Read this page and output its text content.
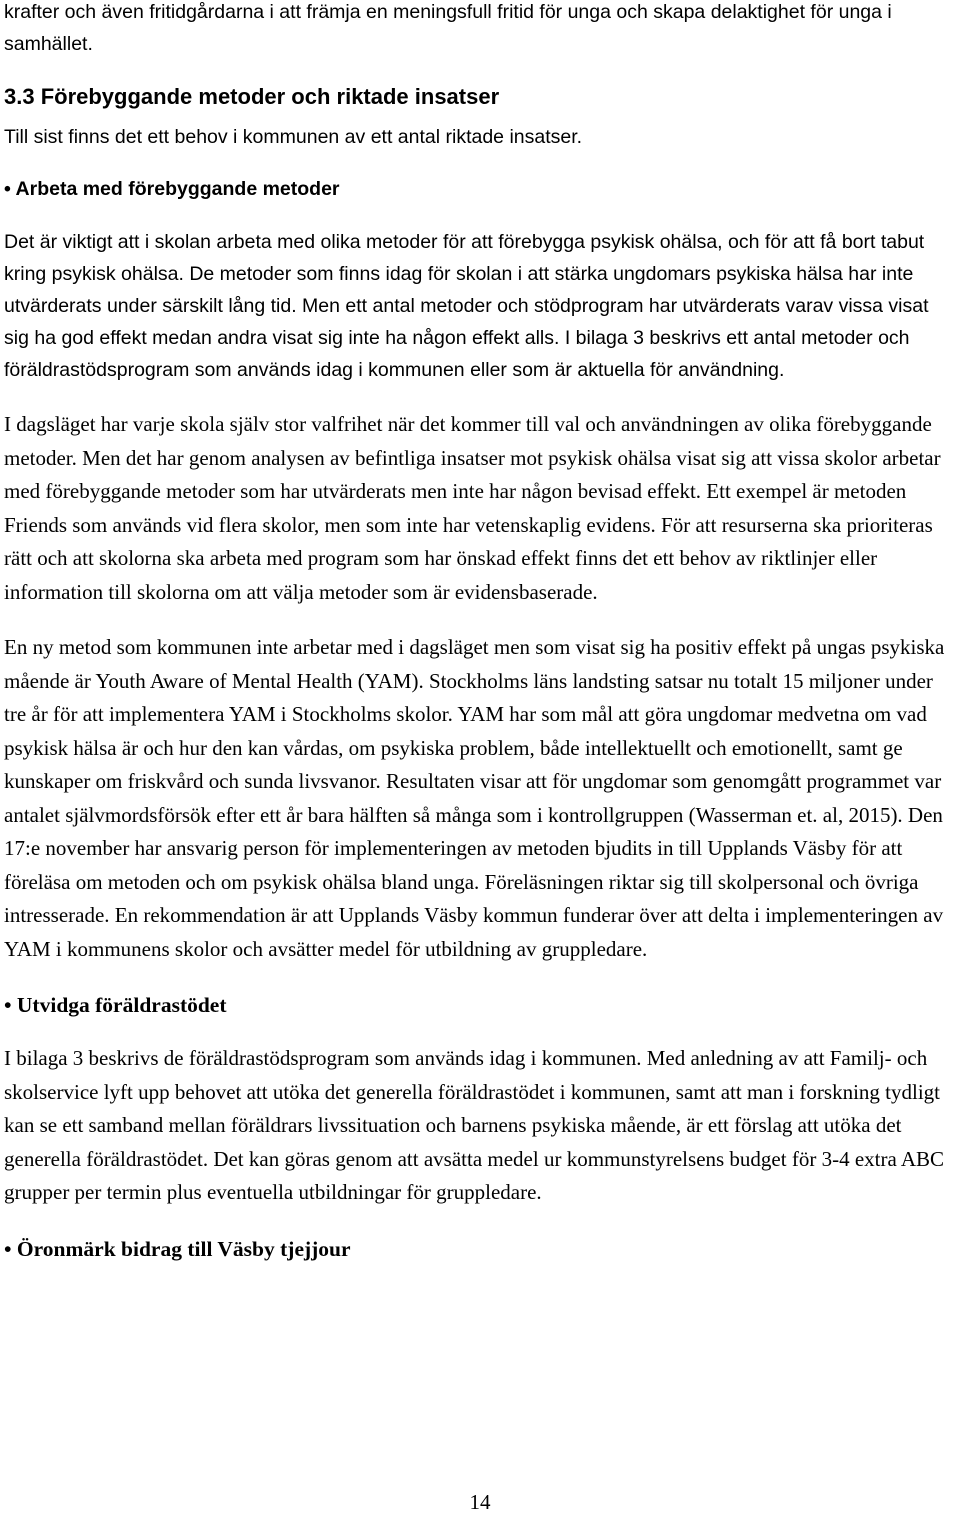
krafter och även fritidgårdarna i att främja en meningsfull fritid för unga och skapa delaktighet för unga i samhället.

3.3 Förebyggande metoder och riktade insatser

Till sist finns det ett behov i kommunen av ett antal riktade insatser.

• Arbeta med förebyggande metoder

Det är viktigt att i skolan arbeta med olika metoder för att förebygga psykisk ohälsa, och för att få bort tabut kring psykisk ohälsa. De metoder som finns idag för skolan i att stärka ungdomars psykiska hälsa har inte utvärderats under särskilt lång tid. Men ett antal metoder och stödprogram har utvärderats varav vissa visat sig ha god effekt medan andra visat sig inte ha någon effekt alls. I bilaga 3 beskrivs ett antal metoder och föräldrastödsprogram som används idag i kommunen eller som är aktuella för användning.

I dagsläget har varje skola själv stor valfrihet när det kommer till val och användningen av olika förebyggande metoder. Men det har genom analysen av befintliga insatser mot psykisk ohälsa visat sig att vissa skolor arbetar med förebyggande metoder som har utvärderats men inte har någon bevisad effekt. Ett exempel är metoden Friends som används vid flera skolor, men som inte har vetenskaplig evidens. För att resurserna ska prioriteras rätt och att skolorna ska arbeta med program som har önskad effekt finns det ett behov av riktlinjer eller information till skolorna om att välja metoder som är evidensbaserade.

En ny metod som kommunen inte arbetar med i dagsläget men som visat sig ha positiv effekt på ungas psykiska mående är Youth Aware of Mental Health (YAM). Stockholms läns landsting satsar nu totalt 15 miljoner under tre år för att implementera YAM i Stockholms skolor. YAM har som mål att göra ungdomar medvetna om vad psykisk hälsa är och hur den kan vårdas, om psykiska problem, både intellektuellt och emotionellt, samt ge kunskaper om friskvård och sunda livsvanor. Resultaten visar att för ungdomar som genomgått programmet var antalet självmordsförsök efter ett år bara hälften så många som i kontrollgruppen (Wasserman et. al, 2015). Den 17:e november har ansvarig person för implementeringen av metoden bjudits in till Upplands Väsby för att föreläsa om metoden och om psykisk ohälsa bland unga. Föreläsningen riktar sig till skolpersonal och övriga intresserade. En rekommendation är att Upplands Väsby kommun funderar över att delta i implementeringen av YAM i kommunens skolor och avsätter medel för utbildning av gruppledare.

• Utvidga föräldrastödet

I bilaga 3 beskrivs de föräldrastödsprogram som används idag i kommunen. Med anledning av att Familj- och skolservice lyft upp behovet att utöka det generella föräldrastödet i kommunen, samt att man i forskning tydligt kan se ett samband mellan föräldrars livssituation och barnens psykiska mående, är ett förslag att utöka det generella föräldrastödet. Det kan göras genom att avsätta medel ur kommunstyrelsens budget för 3-4 extra ABC grupper per termin plus eventuella utbildningar för gruppledare.

• Öronmärk bidrag till Väsby tjejjour

14
